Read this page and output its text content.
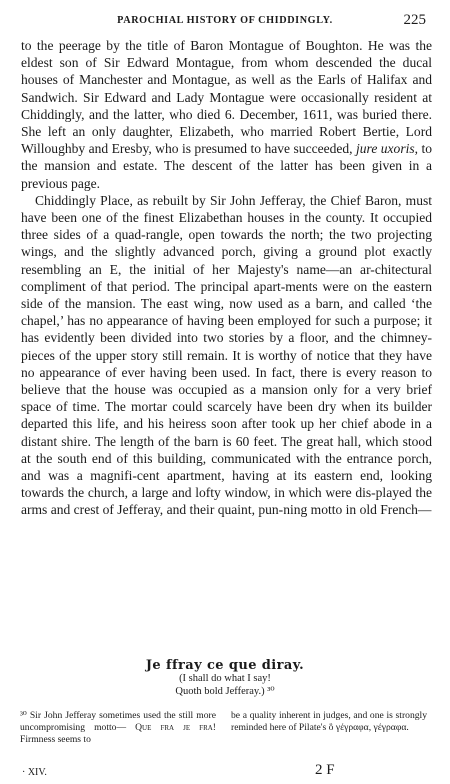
PAROCHIAL HISTORY OF CHIDDINGLY.	225

to the peerage by the title of Baron Montague of Boughton. He was the eldest son of Sir Edward Montague, from whom descended the ducal houses of Manchester and Montague, as well as the Earls of Halifax and Sandwich. Sir Edward and Lady Montague were occasionally resident at Chiddingly, and the latter, who died 6. December, 1611, was buried there. She left an only daughter, Elizabeth, who married Robert Bertie, Lord Willoughby and Eresby, who is presumed to have succeeded, jure uxoris, to the mansion and estate. The descent of the latter has been given in a previous page.

Chiddingly Place, as rebuilt by Sir John Jefferay, the Chief Baron, must have been one of the finest Elizabethan houses in the county. It occupied three sides of a quad-rangle, open towards the north; the two projecting wings, and the slightly advanced porch, giving a ground plot exactly resembling an E, the initial of her Majesty's name—an ar-chitectural compliment of that period. The principal apart-ments were on the eastern side of the mansion. The east wing, now used as a barn, and called ‘the chapel,’ has no appearance of having been employed for such a purpose; it has evidently been divided into two stories by a floor, and the chimney-pieces of the upper story still remain. It is worthy of notice that they have no appearance of ever having been used. In fact, there is every reason to believe that the house was occupied as a mansion only for a very brief space of time. The mortar could scarcely have been dry when its builder departed this life, and his heiress soon after took up her chief abode in a distant shire. The length of the barn is 60 feet. The great hall, which stood at the south end of this building, communicated with the entrance porch, and was a magnifi-cent apartment, having at its eastern end, looking towards the church, a large and lofty window, in which were dis-played the arms and crest of Jefferay, and their quaint, pun-ning motto in old French—

Je ffray ce que diray.
(I shall do what I say!
Quoth bold Jefferay.) ³⁰
³⁰ Sir John Jefferay sometimes used the still more uncompromising motto— Que fra je fra! Firmness seems to
be a quality inherent in judges, and one is strongly reminded here of Pilate's ὃ γέγραφα, γέγραφα.
· XIV.	2 F
